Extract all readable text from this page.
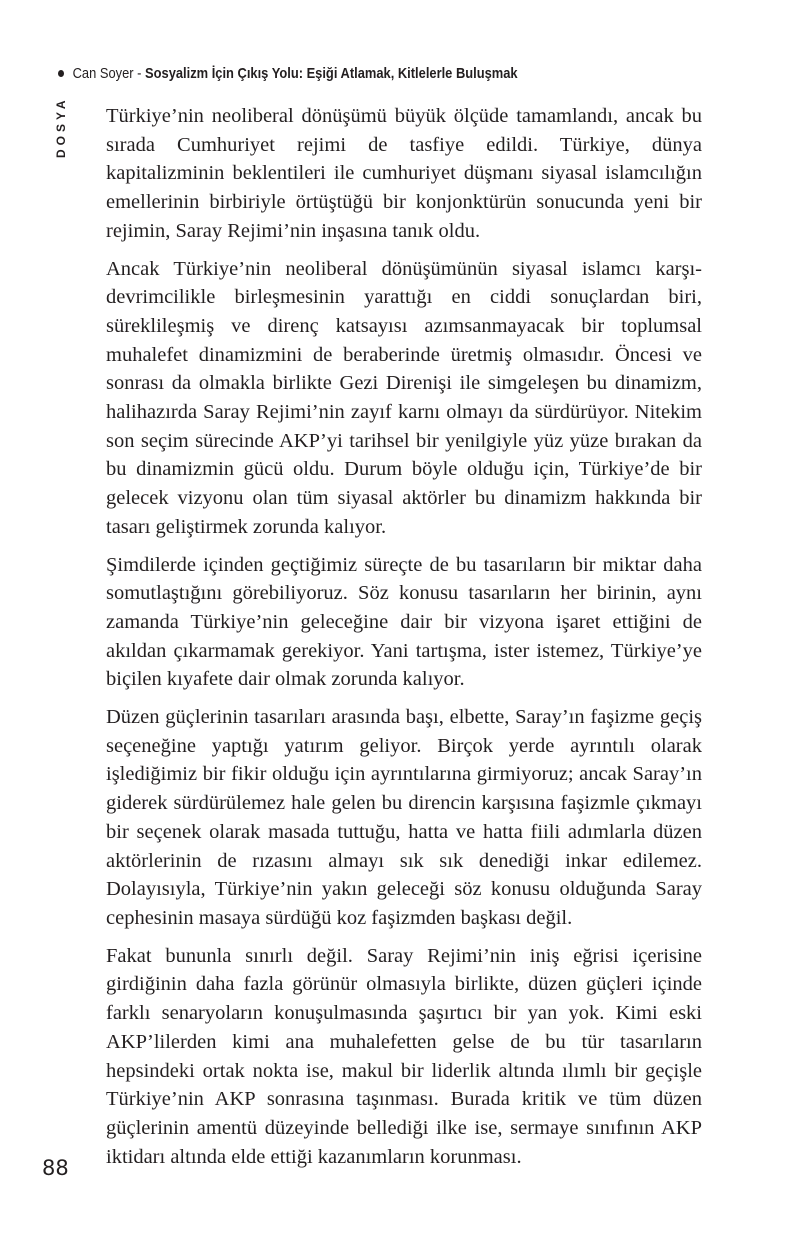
Can Soyer - Sosyalizm İçin Çıkış Yolu: Eşiği Atlamak, Kitlelerle Buluşmak
DOSYA Türkiye’nin neoliberal dönüşümü büyük ölçüde tamamlandı, ancak bu sırada Cumhuriyet rejimi de tasfiye edildi. Türkiye, dünya kapitalizminin beklentileri ile cumhuriyet düşmanı siyasal islamcılığın emellerinin birbiriyle örtüştüğü bir konjonktürün sonucunda yeni bir rejimin, Saray Rejimi’nin inşasına tanık oldu.

Ancak Türkiye’nin neoliberal dönüşümünün siyasal islamcı karşı-devrimcilikle birleşmesinin yarattığı en ciddi sonuçlardan biri, süreklileşmiş ve direnç katsayısı azımsanmayacak bir toplumsal muhalefet dinamizmini de beraberinde üretmiş olmasıdır. Öncesi ve sonrası da olmakla birlikte Gezi Direnişi ile simgeleşen bu dinamizm, halihazırda Saray Rejimi’nin zayıf karnı olmayı da sürdürüyor. Nitekim son seçim sürecinde AKP’yi tarihsel bir yenilgiyle yüz yüze bırakan da bu dinamizmin gücü oldu. Durum böyle olduğu için, Türkiye’de bir gelecek vizyonu olan tüm siyasal aktörler bu dinamizm hakkında bir tasarı geliştirmek zorunda kalıyor.

Şimdilerde içinden geçtiğimiz süreçte de bu tasarıların bir miktar daha somutlaştığını görebiliyoruz. Söz konusu tasarıların her birinin, aynı zamanda Türkiye’nin geleceğine dair bir vizyona işaret ettiğini de akıldan çıkarmamak gerekiyor. Yani tartışma, ister istemez, Türkiye’ye biçilen kıyafete dair olmak zorunda kalıyor.

Düzen güçlerinin tasarıları arasında başı, elbette, Saray’ın faşizme geçiş seçeneğine yaptığı yatırım geliyor. Birçok yerde ayrıntılı olarak işlediğimiz bir fikir olduğu için ayrıntılarına girmiyoruz; ancak Saray’ın giderek sürdürülemez hale gelen bu direncin karşısına faşizmle çıkmayı bir seçenek olarak masada tuttuğu, hatta ve hatta fiili adımlarla düzen aktörlerinin de rızasını almayı sık sık denediği inkar edilemez. Dolayısıyla, Türkiye’nin yakın geleceği söz konusu olduğunda Saray cephesinin masaya sürdüğü koz faşizmden başkası değil.

Fakat bununla sınırlı değil. Saray Rejimi’nin iniş eğrisi içerisine girdiğinin daha fazla görünür olmasıyla birlikte, düzen güçleri içinde farklı senaryoların konuşulmasında şaşırtıcı bir yan yok. Kimi eski AKP’lilerden kimi ana muhalefetten gelse de bu tür tasarıların hepsindeki ortak nokta ise, makul bir liderlik altında ılımlı bir geçişle Türkiye’nin AKP sonrasına taşınması. Burada kritik ve tüm düzen güçlerinin amentü düzeyinde bellediği ilke ise, sermaye sınıfının AKP iktidarı altında elde ettiği kazanımların korunması.

88
